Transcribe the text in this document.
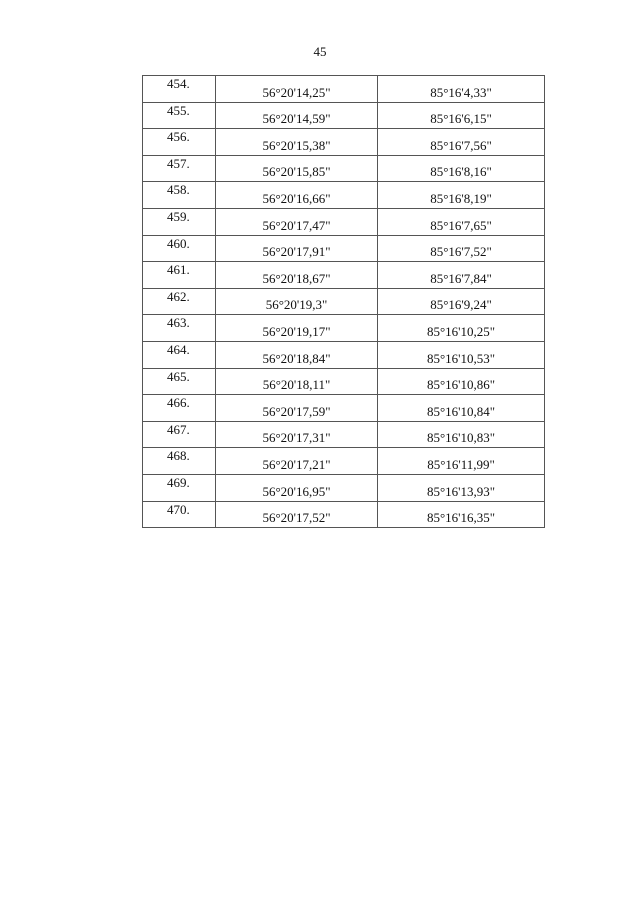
45
454.	56°20'14,25"	85°16'4,33"
455.	56°20'14,59"	85°16'6,15"
456.	56°20'15,38"	85°16'7,56"
457.	56°20'15,85"	85°16'8,16"
458.	56°20'16,66"	85°16'8,19"
459.	56°20'17,47"	85°16'7,65"
460.	56°20'17,91"	85°16'7,52"
461.	56°20'18,67"	85°16'7,84"
462.	56°20'19,3"	85°16'9,24"
463.	56°20'19,17"	85°16'10,25"
464.	56°20'18,84"	85°16'10,53"
465.	56°20'18,11"	85°16'10,86"
466.	56°20'17,59"	85°16'10,84"
467.	56°20'17,31"	85°16'10,83"
468.	56°20'17,21"	85°16'11,99"
469.	56°20'16,95"	85°16'13,93"
470.	56°20'17,52"	85°16'16,35"
